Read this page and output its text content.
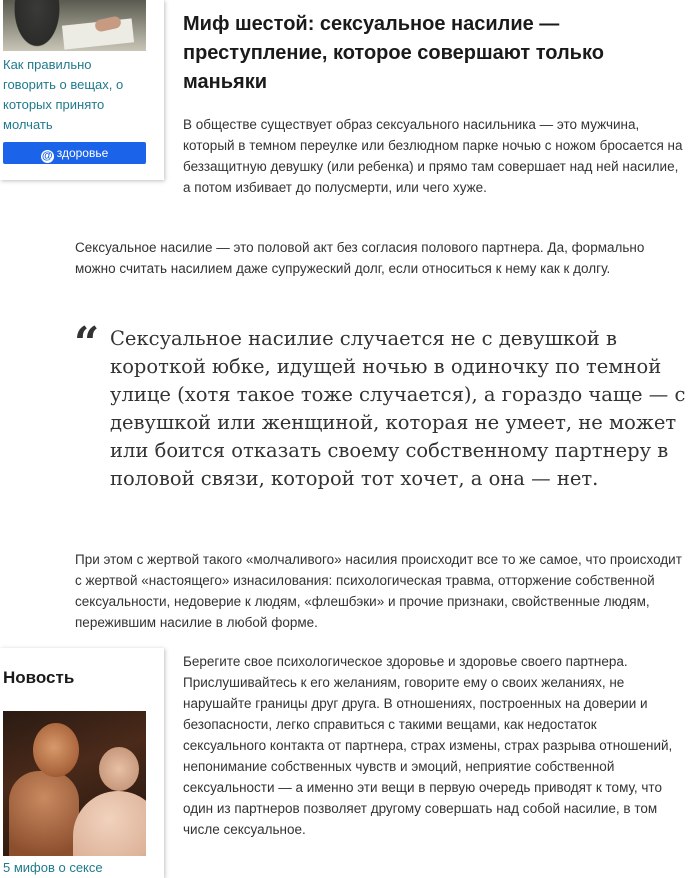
Как правильно говорить о вещах, о которых принято молчать
@ здоровье
Миф шестой: сексуальное насилие — преступление, которое совершают только маньяки
В обществе существует образ сексуального насильника — это мужчина, который в темном переулке или безлюдном парке ночью с ножом бросается на беззащитную девушку (или ребенка) и прямо там совершает над ней насилие, а потом избивает до полусмерти, или чего хуже.

Сексуальное насилие — это половой акт без согласия полового партнера. Да, формально можно считать насилием даже супружеский долг, если относиться к нему как к долгу.

“ Сексуальное насилие случается не с девушкой в короткой юбке, идущей ночью в одиночку по темной улице (хотя такое тоже случается), а гораздо чаще — с девушкой или женщиной, которая не умеет, не может или боится отказать своему собственному партнеру в половой связи, которой тот хочет, а она — нет.

При этом с жертвой такого «молчаливого» насилия происходит все то же самое, что происходит с жертвой «настоящего» изнасилования: психологическая травма, отторжение собственной сексуальности, недоверие к людям, «флешбэки» и прочие признаки, свойственные людям, пережившим насилие в любой форме.

Новость
5 мифов о сексе

Берегите свое психологическое здоровье и здоровье своего партнера. Прислушивайтесь к его желаниям, говорите ему о своих желаниях, не нарушайте границы друг друга. В отношениях, построенных на доверии и безопасности, легко справиться с такими вещами, как недостаток сексуального контакта от партнера, страх измены, страх разрыва отношений, непонимание собственных чувств и эмоций, неприятие собственной сексуальности — а именно эти вещи в первую очередь приводят к тому, что один из партнеров позволяет другому совершать над собой насилие, в том числе сексуальное.
